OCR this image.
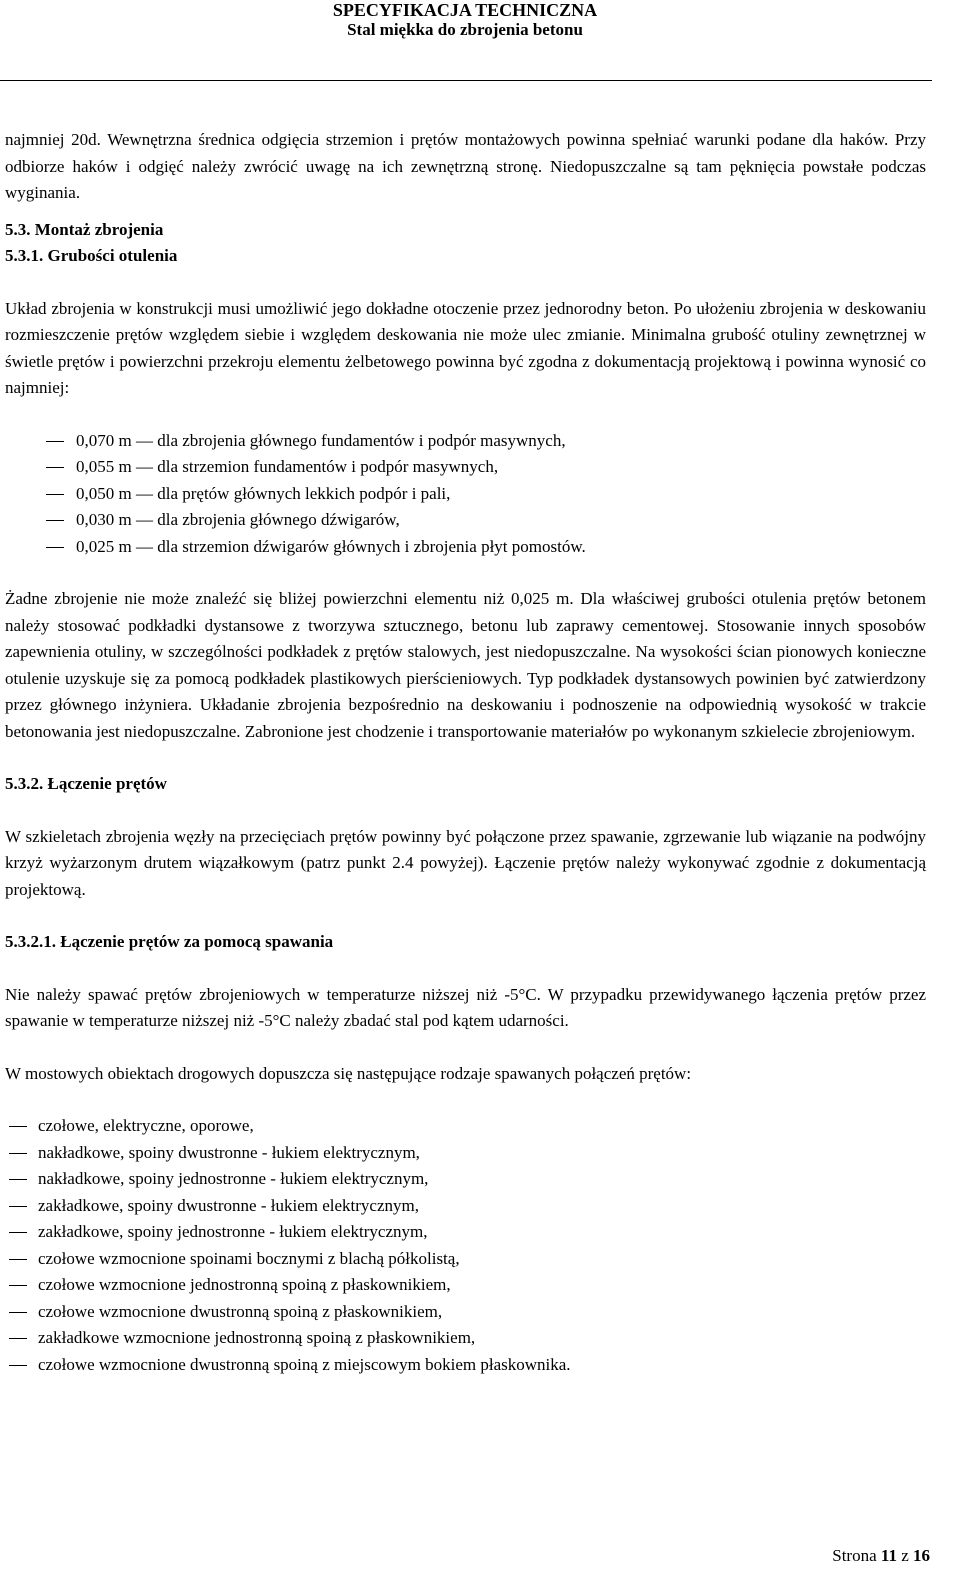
SPECYFIKACJA TECHNICZNA
Stal miękka do zbrojenia betonu

najmniej 20d. Wewnętrzna średnica odgięcia strzemion i prętów montażowych powinna spełniać warunki podane dla haków. Przy odbiorze haków i odgięć należy zwrócić uwagę na ich zewnętrzną stronę. Niedopuszczalne są tam pęknięcia powstałe podczas wyginania.

5.3. Montaż zbrojenia

5.3.1. Grubości otulenia

Układ zbrojenia w konstrukcji musi umożliwić jego dokładne otoczenie przez jednorodny beton. Po ułożeniu zbrojenia w deskowaniu rozmieszczenie prętów względem siebie i względem deskowania nie może ulec zmianie. Minimalna grubość otuliny zewnętrznej w świetle prętów i powierzchni przekroju elementu żelbetowego powinna być zgodna z dokumentacją projektową i powinna wynosić co najmniej:

0,070 m — dla zbrojenia głównego fundamentów i podpór masywnych,
0,055 m — dla strzemion fundamentów i podpór masywnych,
0,050 m — dla prętów głównych lekkich podpór i pali,
0,030 m — dla zbrojenia głównego dźwigarów,
0,025 m — dla strzemion dźwigarów głównych i zbrojenia płyt pomostów.

Żadne zbrojenie nie może znaleźć się bliżej powierzchni elementu niż 0,025 m. Dla właściwej grubości otulenia prętów betonem należy stosować podkładki dystansowe z tworzywa sztucznego, betonu lub zaprawy cementowej. Stosowanie innych sposobów zapewnienia otuliny, w szczególności podkładek z prętów stalowych, jest niedopuszczalne. Na wysokości ścian pionowych konieczne otulenie uzyskuje się za pomocą podkładek plastikowych pierścieniowych. Typ podkładek dystansowych powinien być zatwierdzony przez głównego inżyniera. Układanie zbrojenia bezpośrednio na deskowaniu i podnoszenie na odpowiednią wysokość w trakcie betonowania jest niedopuszczalne. Zabronione jest chodzenie i transportowanie materiałów po wykonanym szkielecie zbrojeniowym.

5.3.2. Łączenie prętów

W szkieletach zbrojenia węzły na przecięciach prętów powinny być połączone przez spawanie, zgrzewanie lub wiązanie na podwójny krzyż wyżarzonym drutem wiązałkowym (patrz punkt 2.4 powyżej). Łączenie prętów należy wykonywać zgodnie z dokumentacją projektową.

5.3.2.1. Łączenie prętów za pomocą spawania

Nie należy spawać prętów zbrojeniowych w temperaturze niższej niż -5°C. W przypadku przewidywanego łączenia prętów przez spawanie w temperaturze niższej niż -5°C należy zbadać stal pod kątem udarności.

W mostowych obiektach drogowych dopuszcza się następujące rodzaje spawanych połączeń prętów:

czołowe, elektryczne, oporowe,
nakładkowe, spoiny dwustronne - łukiem elektrycznym,
nakładkowe, spoiny jednostronne - łukiem elektrycznym,
zakładkowe, spoiny dwustronne - łukiem elektrycznym,
zakładkowe, spoiny jednostronne - łukiem elektrycznym,
czołowe wzmocnione spoinami bocznymi z blachą półkolistą,
czołowe wzmocnione jednostronną spoiną z płaskownikiem,
czołowe wzmocnione dwustronną spoiną z płaskownikiem,
zakładkowe wzmocnione jednostronną spoiną z płaskownikiem,
czołowe wzmocnione dwustronną spoiną z miejscowym bokiem płaskownika.
Strona 11 z 16
